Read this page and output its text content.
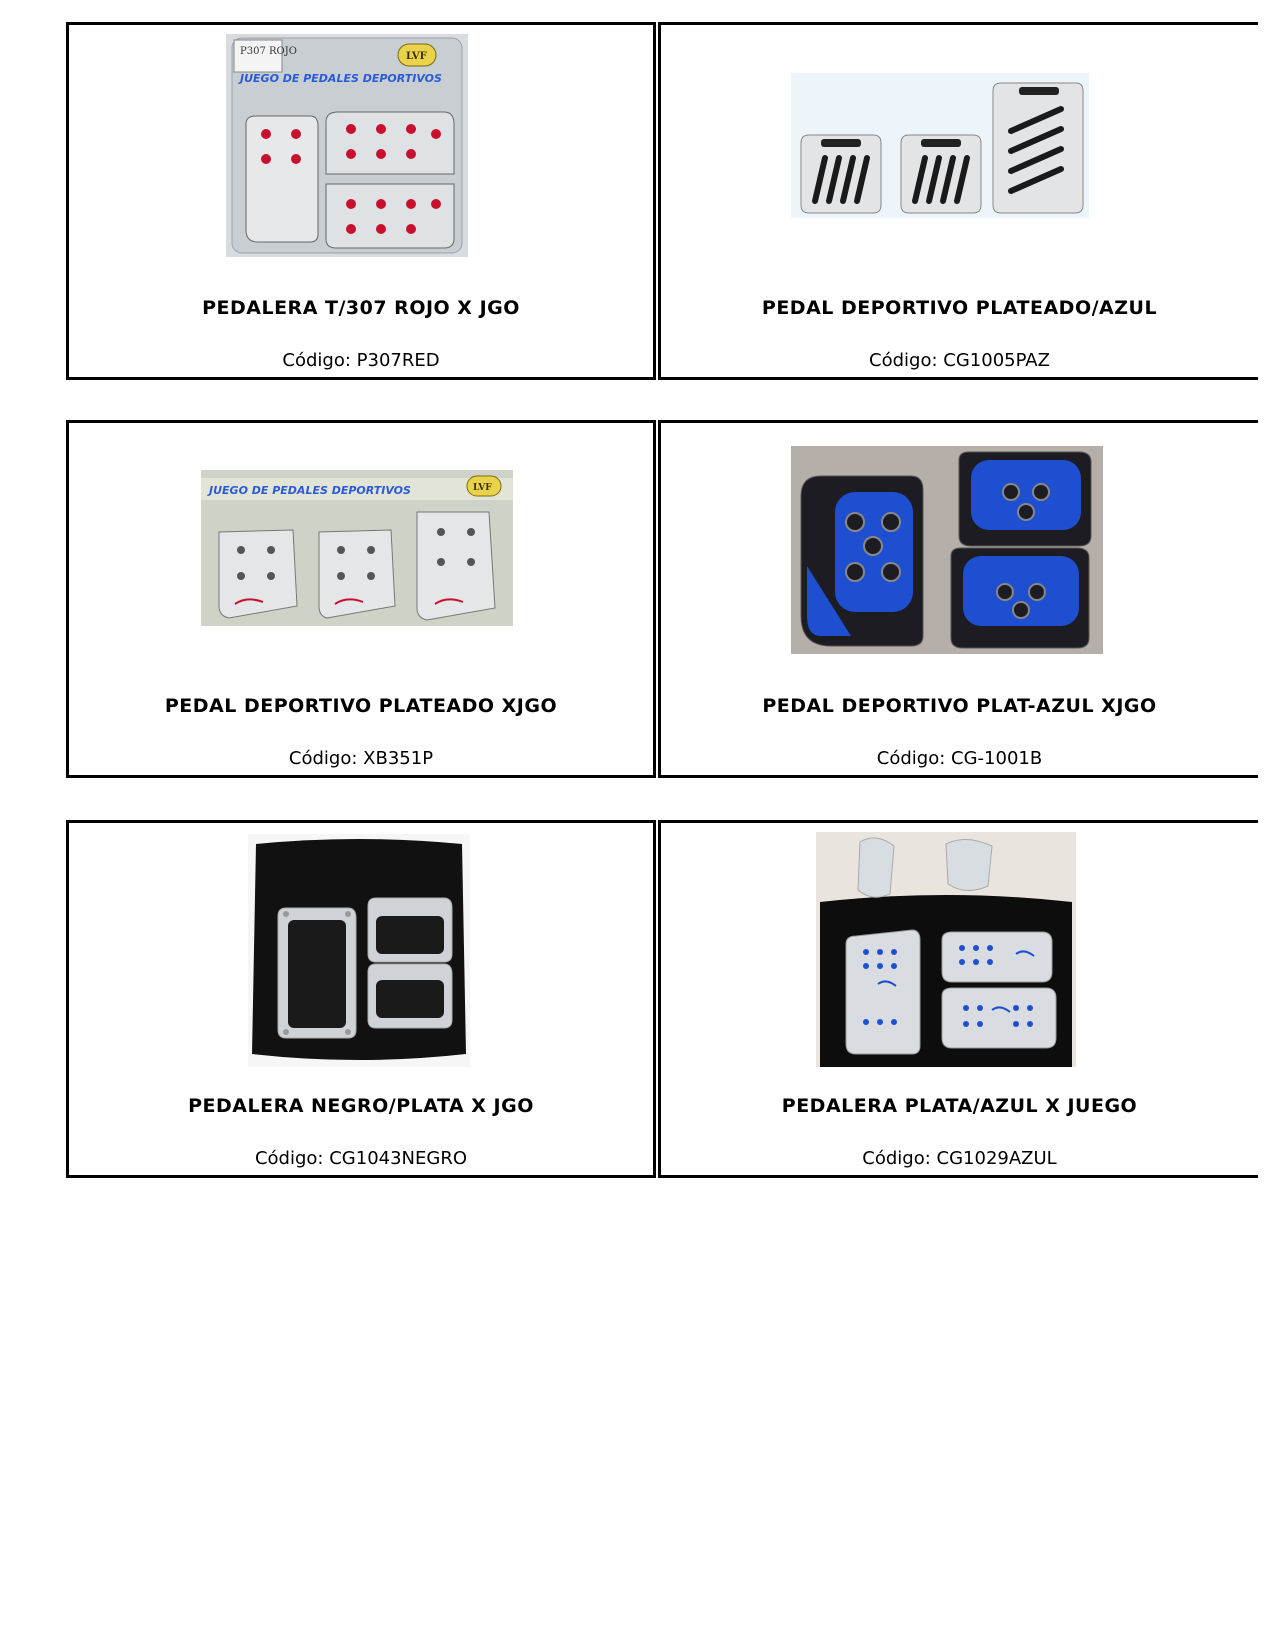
P307 ROJO	LVF
JUEGO DE PEDALES DEPORTIVOS
PEDALERA T/307 ROJO X JGO
Código: P307RED
PEDAL DEPORTIVO PLATEADO/AZUL
Código: CG1005PAZ
JUEGO DE PEDALES DEPORTIVOS	LVF
PEDAL DEPORTIVO PLATEADO XJGO
Código: XB351P
PEDAL DEPORTIVO PLAT-AZUL XJGO
Código: CG-1001B
PEDALERA NEGRO/PLATA X JGO
Código: CG1043NEGRO
PEDALERA PLATA/AZUL X JUEGO
Código: CG1029AZUL
